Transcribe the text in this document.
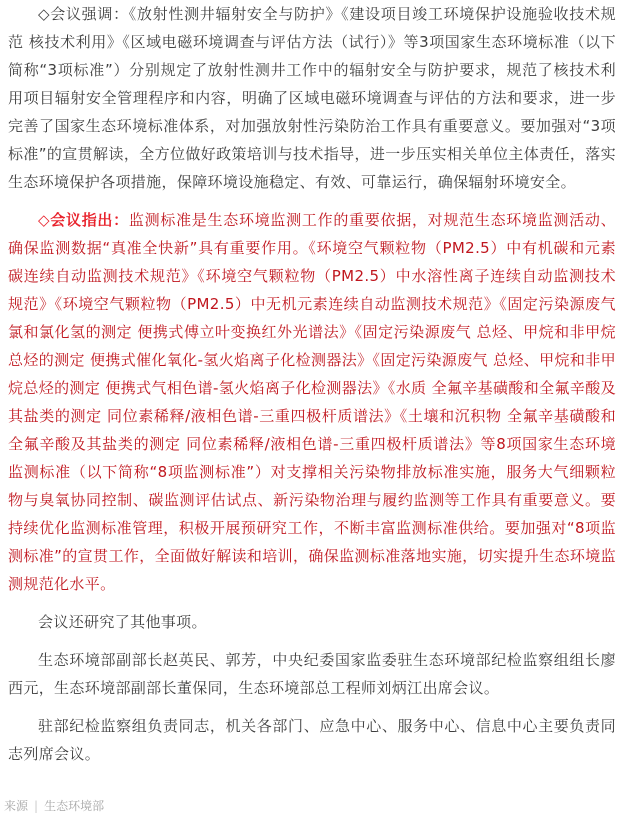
◇会议强调：《放射性测井辐射安全与防护》《建设项目竣工环境保护设施验收技术规范 核技术利用》《区域电磁环境调查与评估方法（试行）》等3项国家生态环境标准（以下简称“3项标准”）分别规定了放射性测井工作中的辐射安全与防护要求，规范了核技术利用项目辐射安全管理程序和内容，明确了区域电磁环境调查与评估的方法和要求，进一步完善了国家生态环境标准体系，对加强放射性污染防治工作具有重要意义。要加强对“3项标准”的宣贯解读，全方位做好政策培训与技术指导，进一步压实相关单位主体责任，落实生态环境保护各项措施，保障环境设施稳定、有效、可靠运行，确保辐射环境安全。

◇会议指出：监测标准是生态环境监测工作的重要依据，对规范生态环境监测活动、确保监测数据“真准全快新”具有重要作用。《环境空气颗粒物（PM2.5）中有机碳和元素碳连续自动监测技术规范》《环境空气颗粒物（PM2.5）中水溶性离子连续自动监测技术规范》《环境空气颗粒物（PM2.5）中无机元素连续自动监测技术规范》《固定污染源废气 氯和氯化氢的测定 便携式傅立叶变换红外光谱法》《固定污染源废气 总烃、甲烷和非甲烷总烃的测定 便携式催化氧化-氢火焰离子化检测器法》《固定污染源废气 总烃、甲烷和非甲烷总烃的测定 便携式气相色谱-氢火焰离子化检测器法》《水质 全氟辛基磺酸和全氟辛酸及其盐类的测定 同位素稀释/液相色谱-三重四极杆质谱法》《土壤和沉积物 全氟辛基磺酸和全氟辛酸及其盐类的测定 同位素稀释/液相色谱-三重四极杆质谱法》等8项国家生态环境监测标准（以下简称“8项监测标准”）对支撑相关污染物排放标准实施，服务大气细颗粒物与臭氧协同控制、碳监测评估试点、新污染物治理与履约监测等工作具有重要意义。要持续优化监测标准管理，积极开展预研究工作，不断丰富监测标准供给。要加强对“8项监测标准”的宣贯工作，全面做好解读和培训，确保监测标准落地实施，切实提升生态环境监测规范化水平。

会议还研究了其他事项。

生态环境部副部长赵英民、郭芳，中央纪委国家监委驻生态环境部纪检监察组组长廖西元，生态环境部副部长董保同，生态环境部总工程师刘炳江出席会议。

驻部纪检监察组负责同志，机关各部门、应急中心、服务中心、信息中心主要负责同志列席会议。

来源 | 生态环境部
